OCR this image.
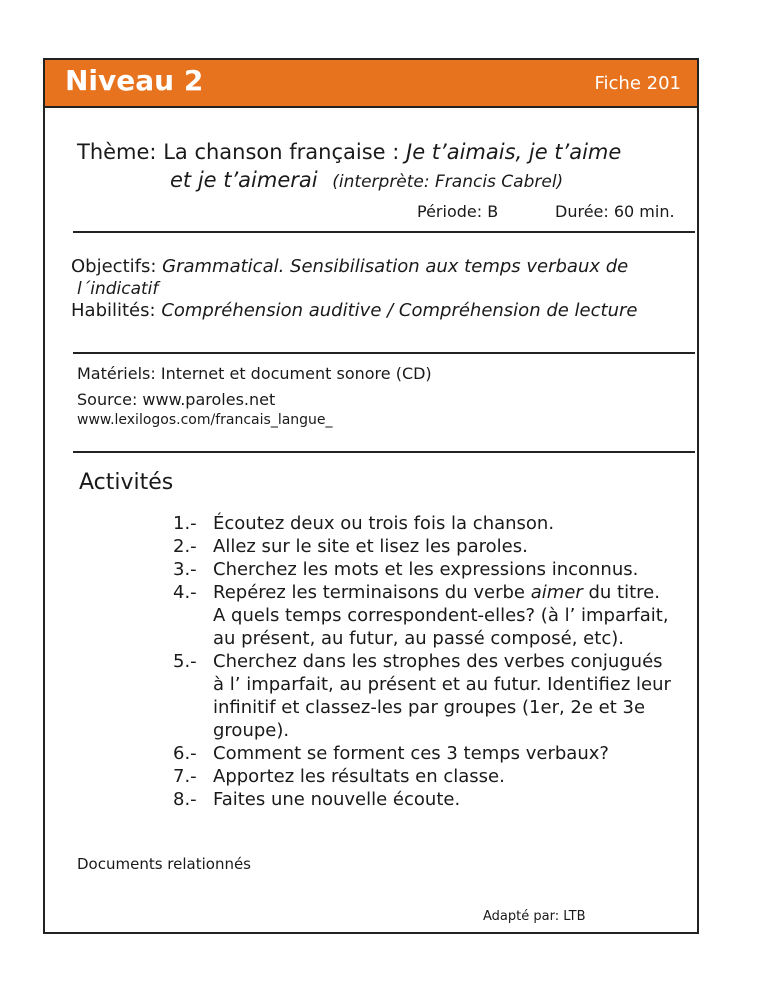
Niveau 2	Fiche 201
Thème: La chanson française : Je t’aimais, je t’aime
et je t’aimerai (interprète: Francis Cabrel)
Période: B	Durée: 60 min.
Objectifs: Grammatical. Sensibilisation aux temps verbaux de
l´indicatif
Habilités: Compréhension auditive / Compréhension de lecture
Matériels: Internet et document sonore (CD)
Source: www.paroles.net
www.lexilogos.com/francais_langue_
Activités
1.- Écoutez deux ou trois fois la chanson.
2.- Allez sur le site et lisez les paroles.
3.- Cherchez les mots et les expressions inconnus.
4.- Repérez les terminaisons du verbe aimer du titre.
A quels temps correspondent-elles? (à l’ imparfait,
au présent, au futur, au passé composé, etc).
5.- Cherchez dans les strophes des verbes conjugués
à l’ imparfait, au présent et au futur. Identifiez leur
infinitif et classez-les par groupes (1er, 2e et 3e
groupe).
6.- Comment se forment ces 3 temps verbaux?
7.- Apportez les résultats en classe.
8.- Faites une nouvelle écoute.
Documents relationnés
Adapté par: LTB
